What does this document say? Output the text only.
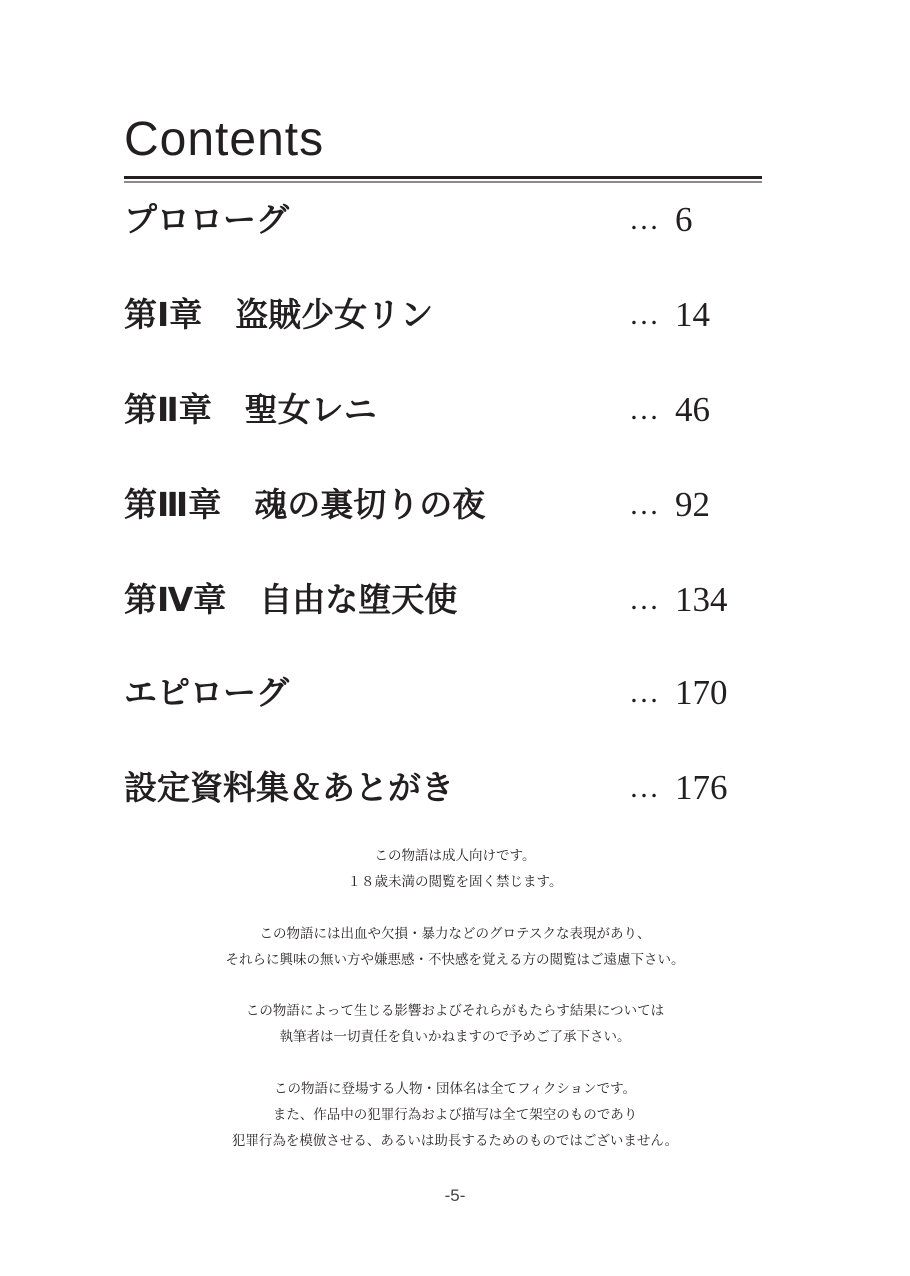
Contents
プロローグ	… 6
第Ⅰ章　盗賊少女リン	… 14
第Ⅱ章　聖女レニ	… 46
第Ⅲ章　魂の裏切りの夜	… 92
第Ⅳ章　自由な堕天使	… 134
エピローグ	… 170
設定資料集＆あとがき	… 176
この物語は成人向けです。
１８歳未満の閲覧を固く禁じます。
この物語には出血や欠損・暴力などのグロテスクな表現があり、
それらに興味の無い方や嫌悪感・不快感を覚える方の閲覧はご遠慮下さい。
この物語によって生じる影響およびそれらがもたらす結果については
執筆者は一切責任を負いかねますので予めご了承下さい。
この物語に登場する人物・団体名は全てフィクションです。
また、作品中の犯罪行為および描写は全て架空のものであり
犯罪行為を模倣させる、あるいは助長するためのものではございません。
-5-
